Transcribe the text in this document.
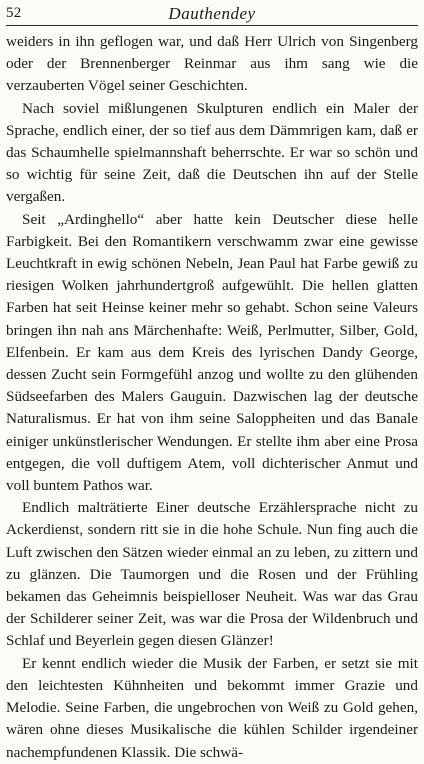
52	Dauthendey

weiders in ihn geflogen war, und daß Herr Ulrich von Singenberg oder der Brennenberger Reinmar aus ihm sang wie die verzauberten Vögel seiner Geschichten.

Nach soviel mißlungenen Skulpturen endlich ein Maler der Sprache, endlich einer, der so tief aus dem Dämmrigen kam, daß er das Schaumhelle spielmannshaft beherrschte. Er war so schön und so wichtig für seine Zeit, daß die Deutschen ihn auf der Stelle vergaßen.

Seit „Ardinghello“ aber hatte kein Deutscher diese helle Farbigkeit. Bei den Romantikern verschwamm zwar eine gewisse Leuchtkraft in ewig schönen Nebeln, Jean Paul hat Farbe gewiß zu riesigen Wolken jahrhundertgroß aufgewühlt. Die hellen glatten Farben hat seit Heinse keiner mehr so gehabt. Schon seine Valeurs bringen ihn nah ans Märchenhafte: Weiß, Perlmutter, Silber, Gold, Elfenbein. Er kam aus dem Kreis des lyrischen Dandy George, dessen Zucht sein Formgefühl anzog und wollte zu den glühenden Südseefarben des Malers Gauguin. Dazwischen lag der deutsche Naturalismus. Er hat von ihm seine Saloppheiten und das Banale einiger unkünstlerischer Wendungen. Er stellte ihm aber eine Prosa entgegen, die voll duftigem Atem, voll dichterischer Anmut und voll buntem Pathos war.

Endlich malträtierte Einer deutsche Erzählersprache nicht zu Ackerdienst, sondern ritt sie in die hohe Schule. Nun fing auch die Luft zwischen den Sätzen wieder einmal an zu leben, zu zittern und zu glänzen. Die Taumorgen und die Rosen und der Frühling bekamen das Geheimnis beispielloser Neuheit. Was war das Grau der Schilderer seiner Zeit, was war die Prosa der Wildenbruch und Schlaf und Beyerlein gegen diesen Glänzer!

Er kennt endlich wieder die Musik der Farben, er setzt sie mit den leichtesten Kühnheiten und bekommt immer Grazie und Melodie. Seine Farben, die ungebrochen von Weiß zu Gold gehen, wären ohne dieses Musikalische die kühlen Schilder irgendeiner nachempfundenen Klassik. Die schwä-
